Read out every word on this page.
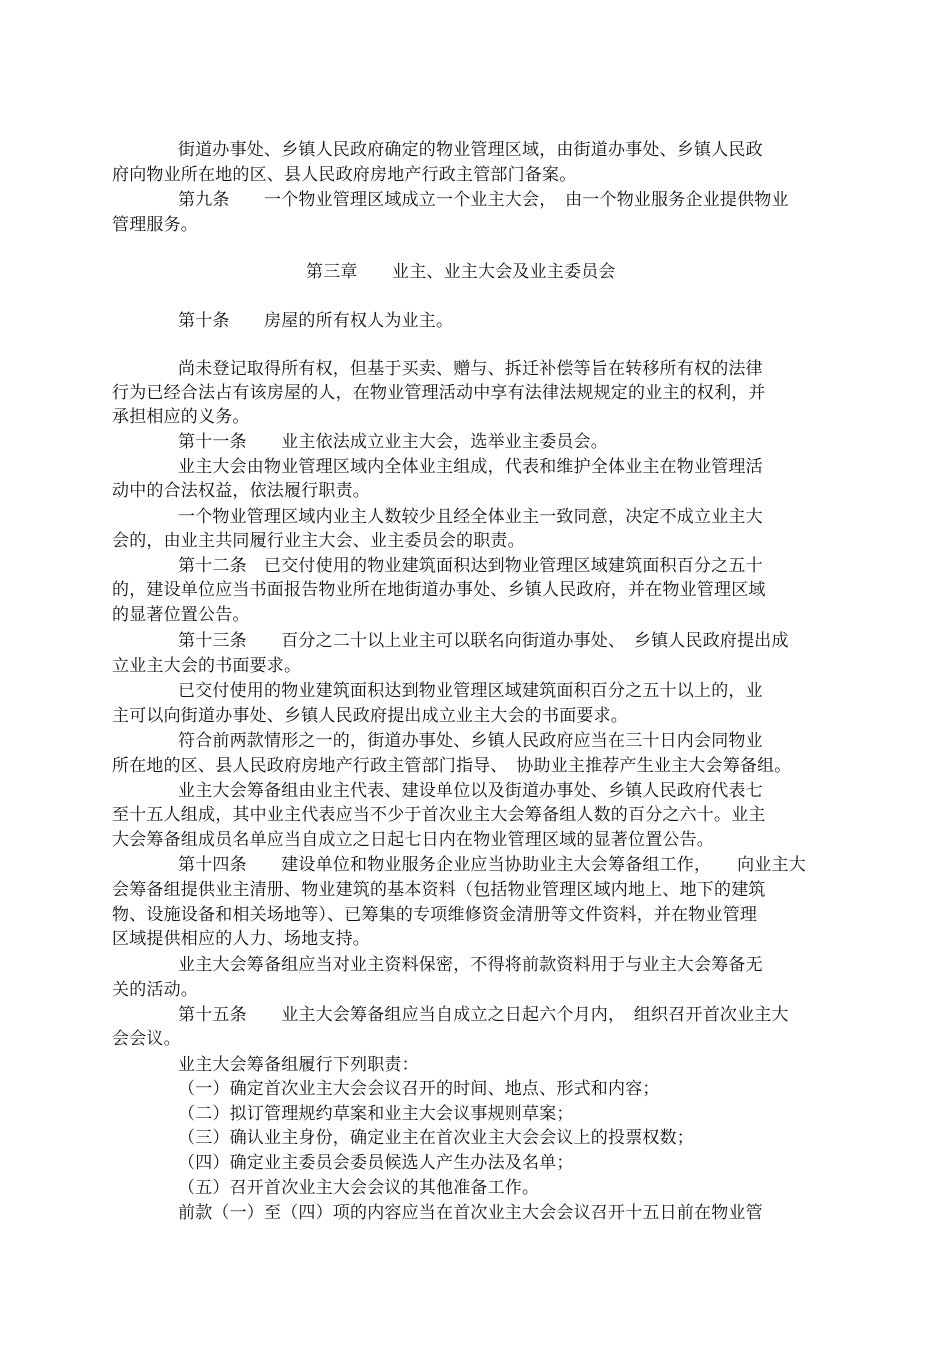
街道办事处、乡镇人民政府确定的物业管理区域，由街道办事处、乡镇人民政
府向物业所在地的区、县人民政府房地产行政主管部门备案。
第九条　　一个物业管理区域成立一个业主大会，　由一个物业服务企业提供物业
管理服务。
第三章　　业主、业主大会及业主委员会
第十条　　房屋的所有权人为业主。
尚未登记取得所有权，但基于买卖、赠与、拆迁补偿等旨在转移所有权的法律
行为已经合法占有该房屋的人，在物业管理活动中享有法律法规规定的业主的权利，并
承担相应的义务。
第十一条　　业主依法成立业主大会，选举业主委员会。
业主大会由物业管理区域内全体业主组成，代表和维护全体业主在物业管理活
动中的合法权益，依法履行职责。
一个物业管理区域内业主人数较少且经全体业主一致同意，决定不成立业主大
会的，由业主共同履行业主大会、业主委员会的职责。
第十二条　已交付使用的物业建筑面积达到物业管理区域建筑面积百分之五十
的，建设单位应当书面报告物业所在地街道办事处、乡镇人民政府，并在物业管理区域
的显著位置公告。
第十三条　　百分之二十以上业主可以联名向街道办事处、　乡镇人民政府提出成
立业主大会的书面要求。
已交付使用的物业建筑面积达到物业管理区域建筑面积百分之五十以上的，业
主可以向街道办事处、乡镇人民政府提出成立业主大会的书面要求。
符合前两款情形之一的，街道办事处、乡镇人民政府应当在三十日内会同物业
所在地的区、县人民政府房地产行政主管部门指导、　协助业主推荐产生业主大会筹备组。
业主大会筹备组由业主代表、建设单位以及街道办事处、乡镇人民政府代表七
至十五人组成，其中业主代表应当不少于首次业主大会筹备组人数的百分之六十。业主
大会筹备组成员名单应当自成立之日起七日内在物业管理区域的显著位置公告。
第十四条　　建设单位和物业服务企业应当协助业主大会筹备组工作，　　向业主大
会筹备组提供业主清册、物业建筑的基本资料（包括物业管理区域内地上、地下的建筑
物、设施设备和相关场地等）、已筹集的专项维修资金清册等文件资料，并在物业管理
区域提供相应的人力、场地支持。
业主大会筹备组应当对业主资料保密，不得将前款资料用于与业主大会筹备无
关的活动。
第十五条　　业主大会筹备组应当自成立之日起六个月内，　组织召开首次业主大
会会议。
业主大会筹备组履行下列职责：
（一）确定首次业主大会会议召开的时间、地点、形式和内容；
（二）拟订管理规约草案和业主大会议事规则草案；
（三）确认业主身份，确定业主在首次业主大会会议上的投票权数；
（四）确定业主委员会委员候选人产生办法及名单；
（五）召开首次业主大会会议的其他准备工作。
前款（一）至（四）项的内容应当在首次业主大会会议召开十五日前在物业管
